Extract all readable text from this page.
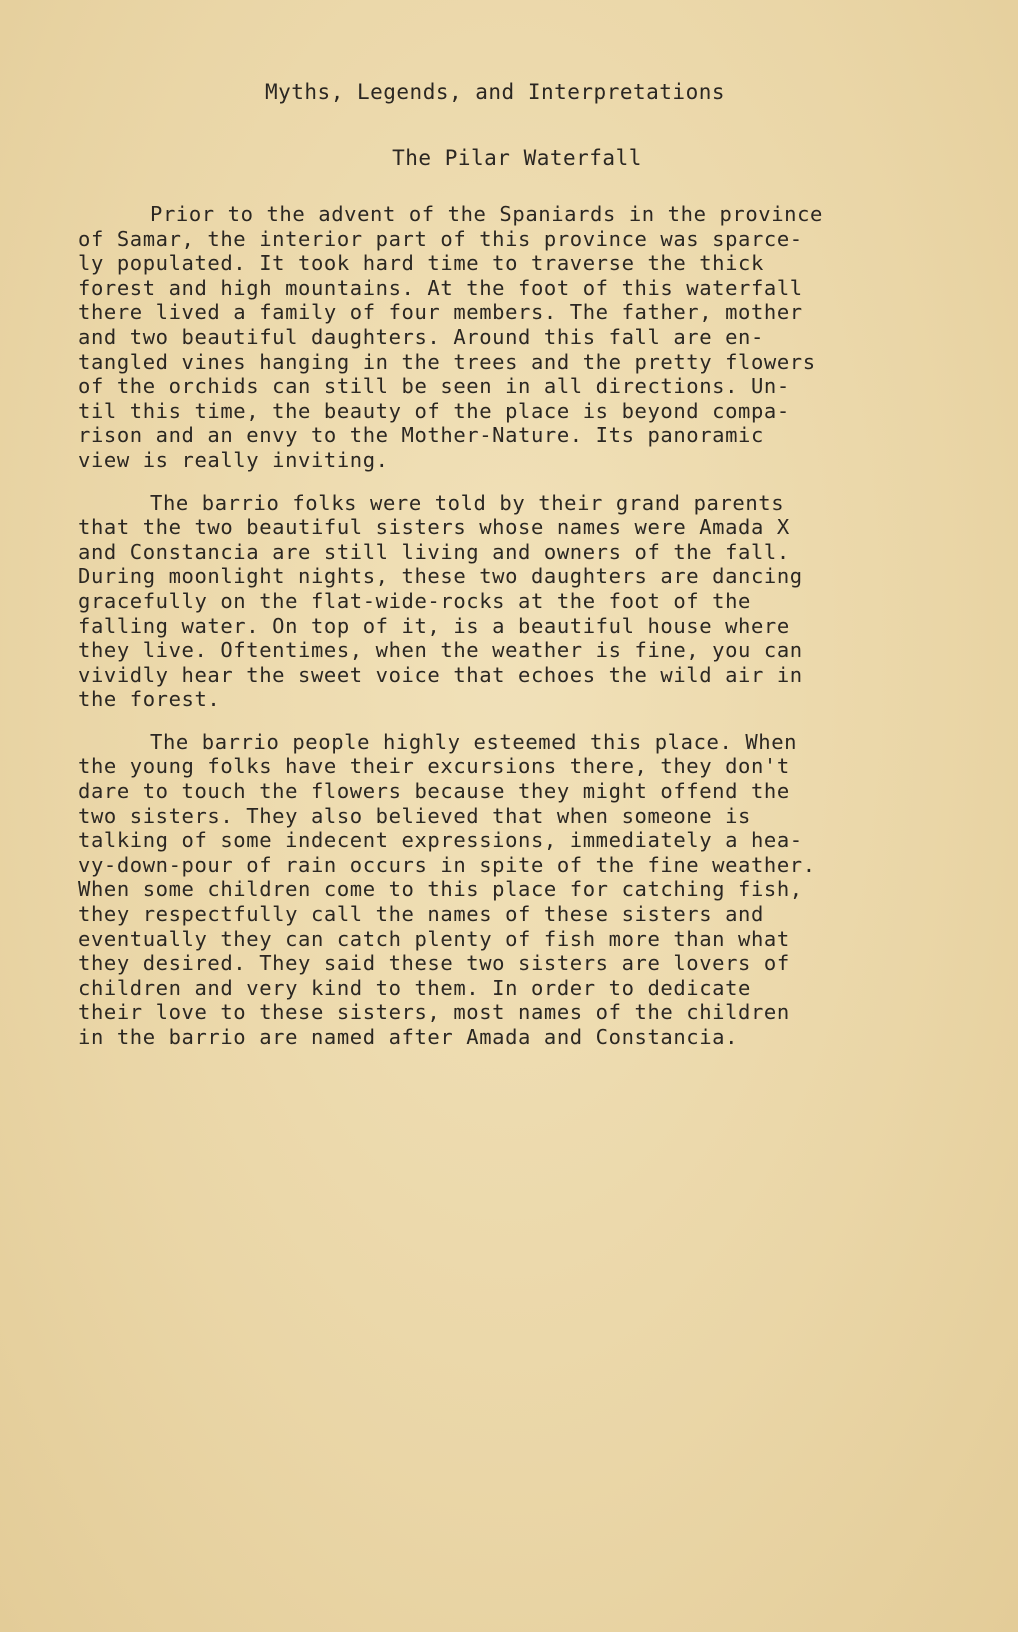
Myths, Legends, and Interpretations
The Pilar Waterfall

Prior to the advent of the Spaniards in the province
of Samar, the interior part of this province was sparce-
ly populated. It took hard time to traverse the thick
forest and high mountains. At the foot of this waterfall
there lived a family of four members. The father, mother
and two beautiful daughters. Around this fall are en-
tangled vines hanging in the trees and the pretty flowers
of the orchids can still be seen in all directions. Un-
til this time, the beauty of the place is beyond compa-
rison and an envy to the Mother-Nature. Its panoramic
view is really inviting.

The barrio folks were told by their grand parents
that the two beautiful sisters whose names were Amada X
and Constancia are still living and owners of the fall.
During moonlight nights, these two daughters are dancing
gracefully on the flat-wide-rocks at the foot of the
falling water. On top of it, is a beautiful house where
they live. Oftentimes, when the weather is fine, you can
vividly hear the sweet voice that echoes the wild air in
the forest.

The barrio people highly esteemed this place. When
the young folks have their excursions there, they don't
dare to touch the flowers because they might offend the
two sisters. They also believed that when someone is
talking of some indecent expressions, immediately a hea-
vy-down-pour of rain occurs in spite of the fine weather.
When some children come to this place for catching fish,
they respectfully call the names of these sisters and
eventually they can catch plenty of fish more than what
they desired. They said these two sisters are lovers of
children and very kind to them. In order to dedicate
their love to these sisters, most names of the children
in the barrio are named after Amada and Constancia.
